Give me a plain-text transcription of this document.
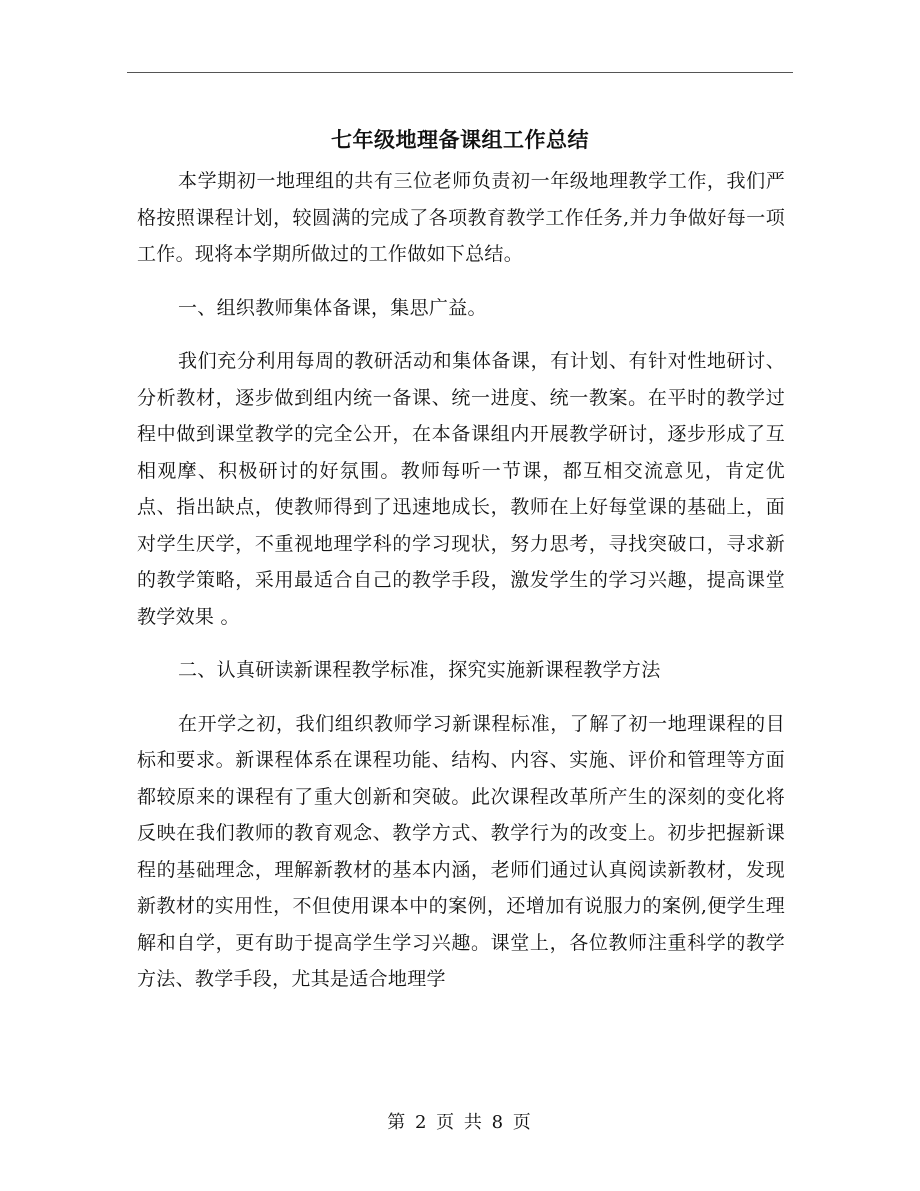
七年级地理备课组工作总结

本学期初一地理组的共有三位老师负责初一年级地理教学工作，我们严格按照课程计划，较圆满的完成了各项教育教学工作任务,并力争做好每一项工作。现将本学期所做过的工作做如下总结。

一、组织教师集体备课，集思广益。

我们充分利用每周的教研活动和集体备课，有计划、有针对性地研讨、分析教材，逐步做到组内统一备课、统一进度、统一教案。在平时的教学过程中做到课堂教学的完全公开，在本备课组内开展教学研讨，逐步形成了互相观摩、积极研讨的好氛围。教师每听一节课，都互相交流意见，肯定优点、指出缺点，使教师得到了迅速地成长，教师在上好每堂课的基础上，面对学生厌学，不重视地理学科的学习现状，努力思考，寻找突破口，寻求新的教学策略，采用最适合自己的教学手段，激发学生的学习兴趣，提高课堂教学效果 。

二、认真研读新课程教学标准，探究实施新课程教学方法

在开学之初，我们组织教师学习新课程标准，了解了初一地理课程的目标和要求。新课程体系在课程功能、结构、内容、实施、评价和管理等方面都较原来的课程有了重大创新和突破。此次课程改革所产生的深刻的变化将反映在我们教师的教育观念、教学方式、教学行为的改变上。初步把握新课程的基础理念，理解新教材的基本内涵，老师们通过认真阅读新教材，发现新教材的实用性，不但使用课本中的案例，还增加有说服力的案例,便学生理解和自学，更有助于提高学生学习兴趣。课堂上，各位教师注重科学的教学方法、教学手段，尤其是适合地理学

第 2 页 共 8 页
